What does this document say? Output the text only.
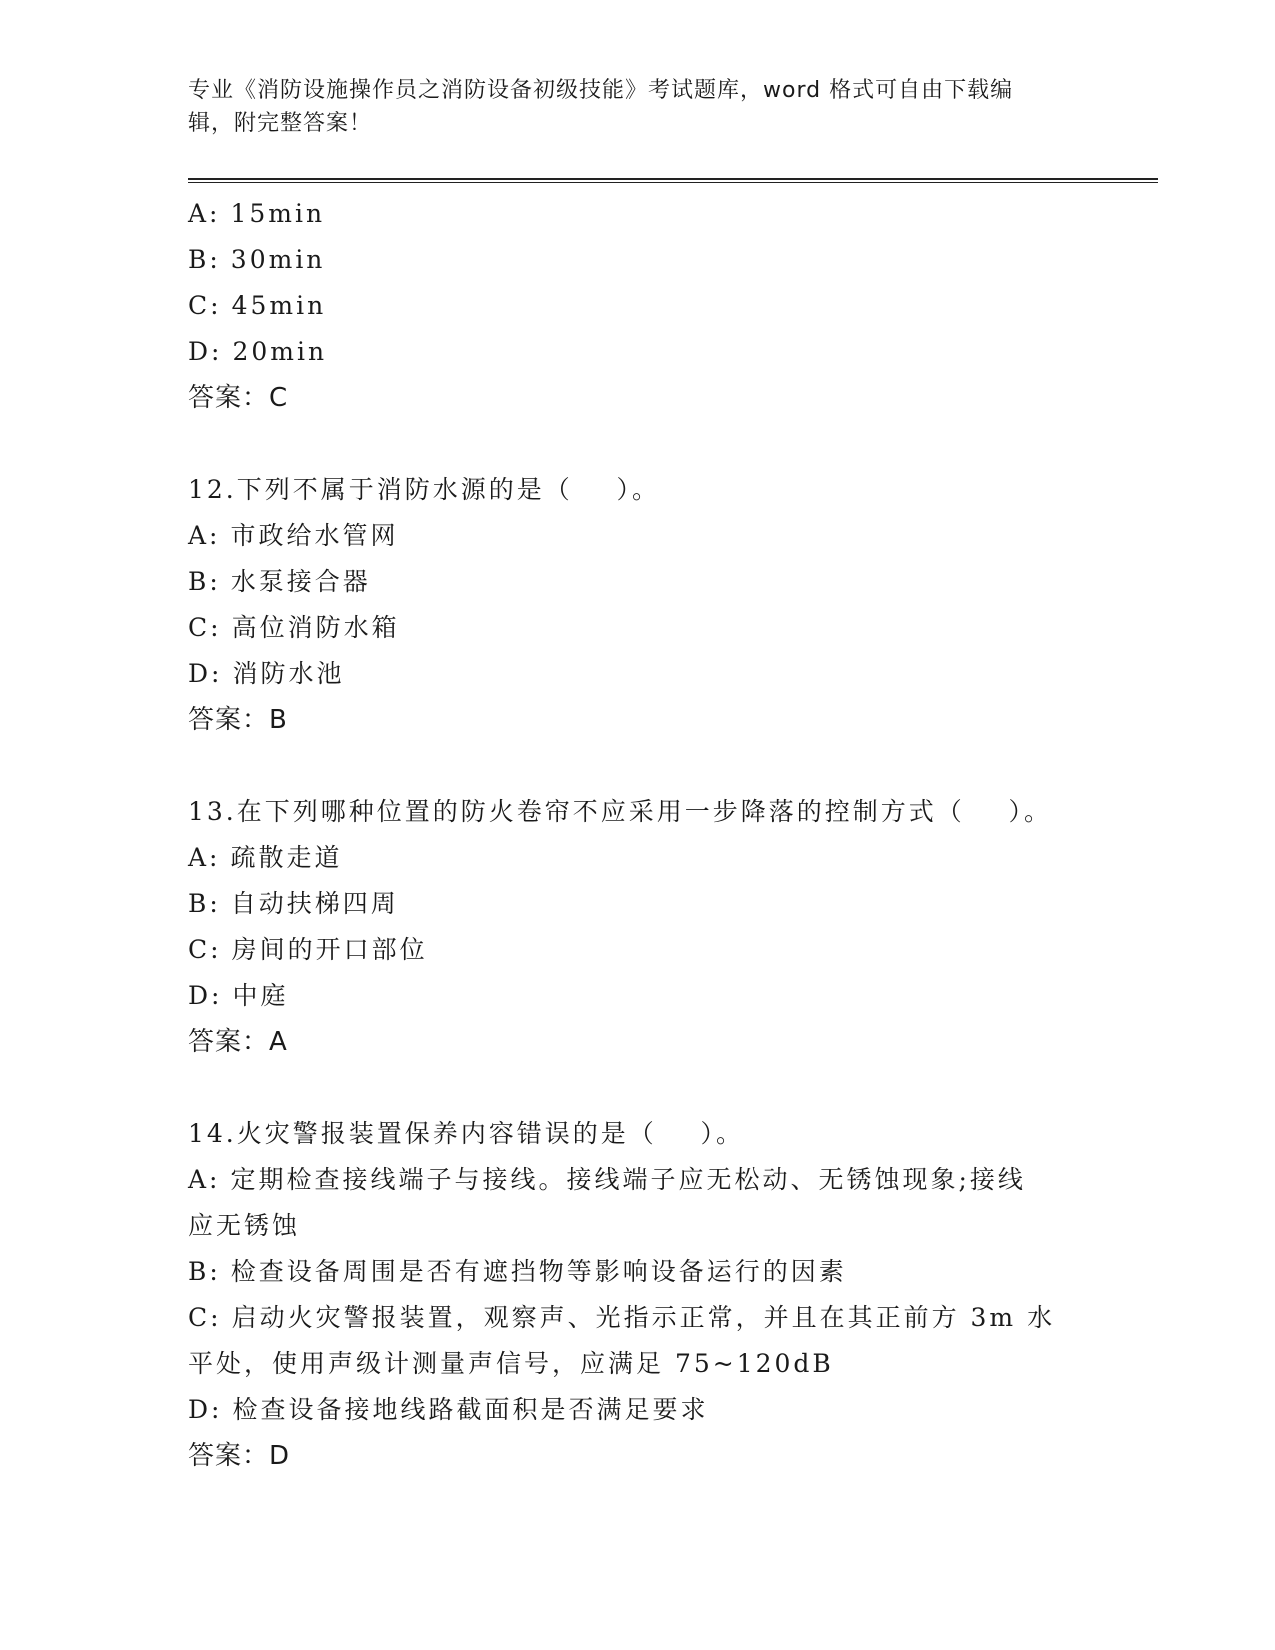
专业《消防设施操作员之消防设备初级技能》考试题库，word 格式可自由下载编
辑，附完整答案！
A: 15min
B: 30min
C: 45min
D: 20min
答案：C
12.下列不属于消防水源的是（    ）。
A: 市政给水管网
B: 水泵接合器
C: 高位消防水箱
D: 消防水池
答案：B
13.在下列哪种位置的防火卷帘不应采用一步降落的控制方式（    ）。
A: 疏散走道
B: 自动扶梯四周
C: 房间的开口部位
D: 中庭
答案：A
14.火灾警报装置保养内容错误的是（    ）。
A: 定期检查接线端子与接线。接线端子应无松动、无锈蚀现象;接线
应无锈蚀
B: 检查设备周围是否有遮挡物等影响设备运行的因素
C: 启动火灾警报装置，观察声、光指示正常，并且在其正前方 3m 水
平处，使用声级计测量声信号，应满足 75~120dB
D: 检查设备接地线路截面积是否满足要求
答案：D
